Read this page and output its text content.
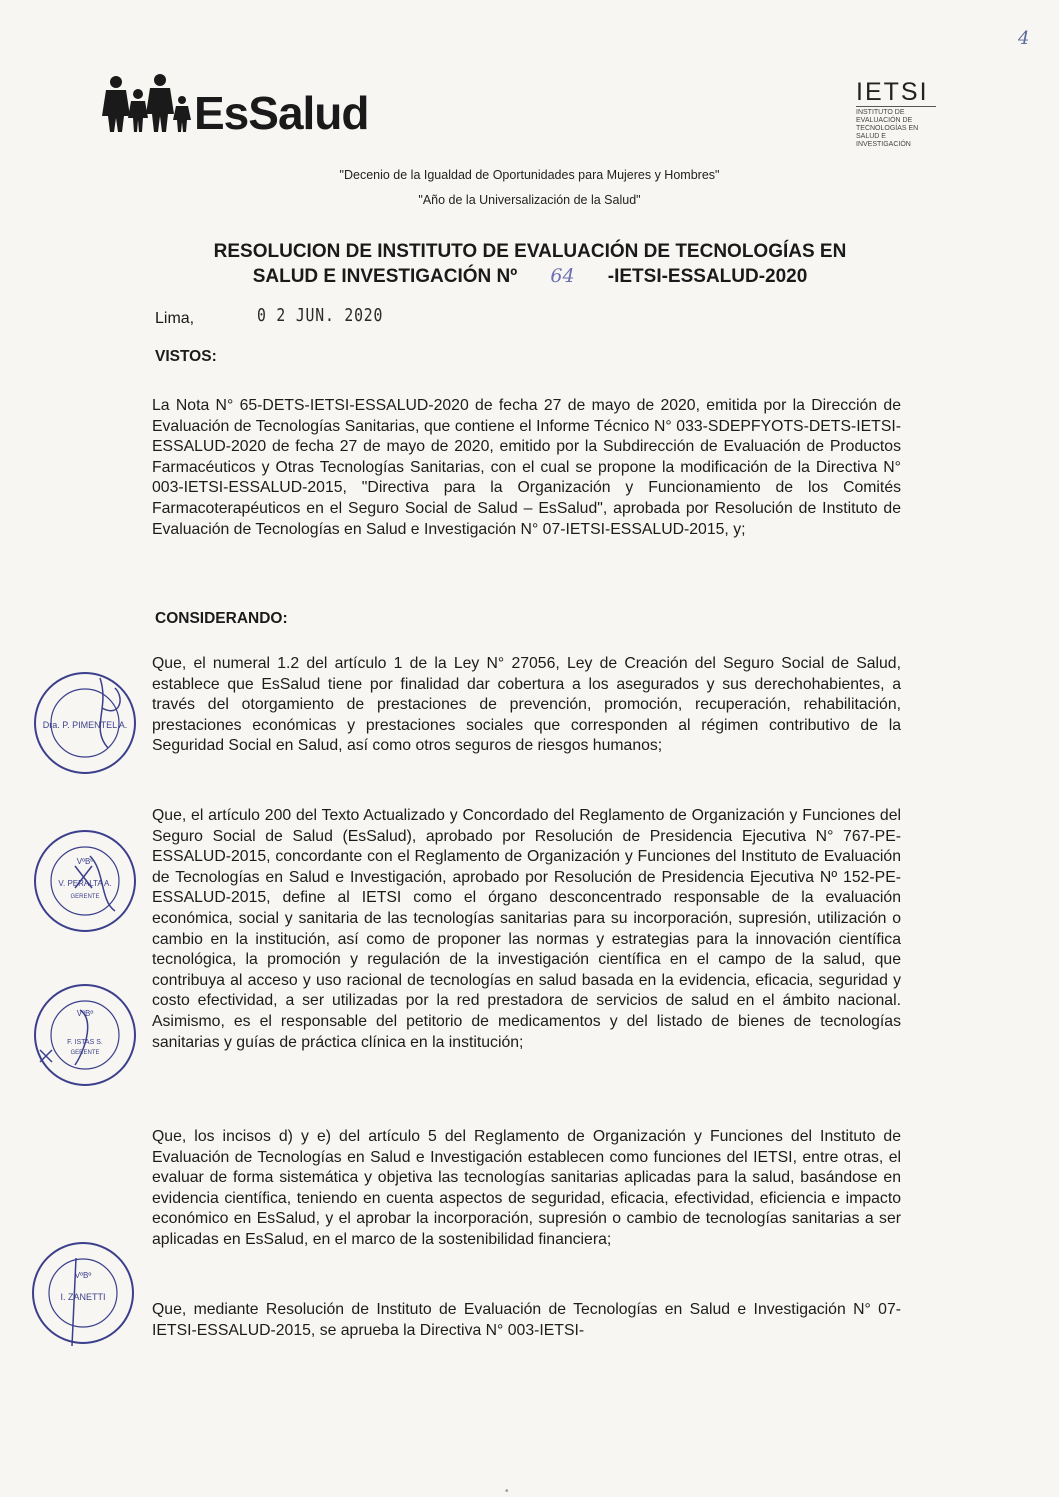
4
EsSalud	IETSI
INSTITUTO DE EVALUACIÓN DE TECNOLOGÍAS EN SALUD E INVESTIGACIÓN
"Decenio de la Igualdad de Oportunidades para Mujeres y Hombres"
"Año de la Universalización de la Salud"
RESOLUCION DE INSTITUTO DE EVALUACIÓN DE TECNOLOGÍAS EN
SALUD E INVESTIGACIÓN Nº 64 -IETSI-ESSALUD-2020
Lima,	0 2 JUN. 2020
VISTOS:

La Nota N° 65-DETS-IETSI-ESSALUD-2020 de fecha 27 de mayo de 2020, emitida por la Dirección de Evaluación de Tecnologías Sanitarias, que contiene el Informe Técnico N° 033-SDEPFYOTS-DETS-IETSI-ESSALUD-2020 de fecha 27 de mayo de 2020, emitido por la Subdirección de Evaluación de Productos Farmacéuticos y Otras Tecnologías Sanitarias, con el cual se propone la modificación de la Directiva N° 003-IETSI-ESSALUD-2015, "Directiva para la Organización y Funcionamiento de los Comités Farmacoterapéuticos en el Seguro Social de Salud – EsSalud", aprobada por Resolución de Instituto de Evaluación de Tecnologías en Salud e Investigación N° 07-IETSI-ESSALUD-2015, y;

CONSIDERANDO:

Que, el numeral 1.2 del artículo 1 de la Ley N° 27056, Ley de Creación del Seguro Social de Salud, establece que EsSalud tiene por finalidad dar cobertura a los asegurados y sus derechohabientes, a través del otorgamiento de prestaciones de prevención, promoción, recuperación, rehabilitación, prestaciones económicas y prestaciones sociales que corresponden al régimen contributivo de la Seguridad Social en Salud, así como otros seguros de riesgos humanos;

Que, el artículo 200 del Texto Actualizado y Concordado del Reglamento de Organización y Funciones del Seguro Social de Salud (EsSalud), aprobado por Resolución de Presidencia Ejecutiva N° 767-PE-ESSALUD-2015, concordante con el Reglamento de Organización y Funciones del Instituto de Evaluación de Tecnologías en Salud e Investigación, aprobado por Resolución de Presidencia Ejecutiva Nº 152-PE-ESSALUD-2015, define al IETSI como el órgano desconcentrado responsable de la evaluación económica, social y sanitaria de las tecnologías sanitarias para su incorporación, supresión, utilización o cambio en la institución, así como de proponer las normas y estrategias para la innovación científica tecnológica, la promoción y regulación de la investigación científica en el campo de la salud, que contribuya al acceso y uso racional de tecnologías en salud basada en la evidencia, eficacia, seguridad y costo efectividad, a ser utilizadas por la red prestadora de servicios de salud en el ámbito nacional. Asimismo, es el responsable del petitorio de medicamentos y del listado de bienes de tecnologías sanitarias y guías de práctica clínica en la institución;

Que, los incisos d) y e) del artículo 5 del Reglamento de Organización y Funciones del Instituto de Evaluación de Tecnologías en Salud e Investigación establecen como funciones del IETSI, entre otras, el evaluar de forma sistemática y objetiva las tecnologías sanitarias aplicadas para la salud, basándose en evidencia científica, teniendo en cuenta aspectos de seguridad, eficacia, efectividad, eficiencia e impacto económico en EsSalud, y el aprobar la incorporación, supresión o cambio de tecnologías sanitarias a ser aplicadas en EsSalud, en el marco de la sostenibilidad financiera;

Que, mediante Resolución de Instituto de Evaluación de Tecnologías en Salud e Investigación N° 07-IETSI-ESSALUD-2015, se aprueba la Directiva N° 003-IETSI-

Dra. P. PIMENTEL A.
VºBº
V. PERALTA A.
GERENTE
VºBº
F. ISTAS S.
GERENTE
VºBº
I. ZANETTI
•
